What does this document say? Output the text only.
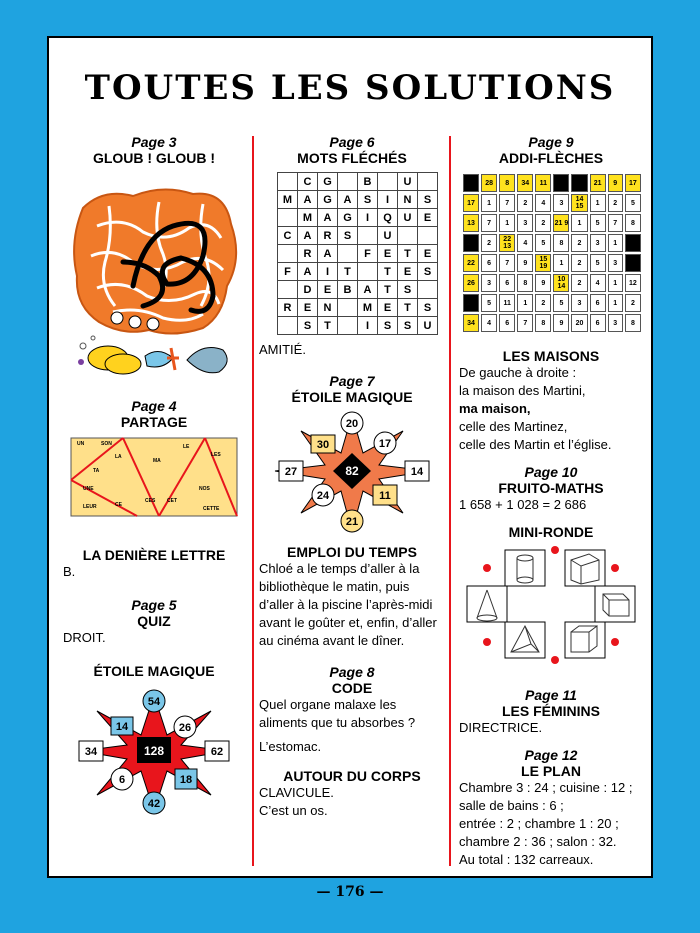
TOUTES LES SOLUTIONS
Page 3
GLOUB ! GLOUB !
Page 4
PARTAGE
UN	SON	LE
LES
LA
MA
TA
UNE	NOS
LEUR	CE
CES CET
CETTE
LA DENIÈRE LETTRE
B.
Page 5
QUIZ
DROIT.
ÉTOILE MAGIQUE
128
54
14	26
34	62
6	18
42
Page 6
MOTS FLÉCHÉS
	C	G		B		U	
M	A	G	A	S	I	N	S
	M	A	G	I	Q	U	E
C	A	R	S		U		
	R	A		F	E	T	E
F	A	I	T		T	E	S
	D	E	B	A	T	S	
R	E	N		M	E	T	S
	S	T		I	S	S	U
AMITIÉ.
Page 7
ÉTOILE MAGIQUE
82
20
30	17
27	14
24	11
21
EMPLOI DU TEMPS
Chloé a le temps d’aller à la bibliothèque le matin, puis d’aller à la piscine l’après-midi avant le goûter et, enfin, d’aller au cinéma avant le dîner.
Page 8
CODE
Quel organe malaxe les aliments que tu absorbes ?
L’estomac.
AUTOUR DU CORPS
CLAVICULE.
C’est un os.
Page 9
ADDI-FLÈCHES
	28	8	34	11			21	9	17
17	1	7	2	4	3	14 15	1	2	5
13	7	1	3	2	21 9	1	5	7	8
	2	22 13	4	5	8	2	3	1	
22	6	7	9	15 19	1	2	5	3	
26	3	6	8	9	10 14	2	4	1	12
	5	11	1	2	5	3	6	1	2
34	4	6	7	8	9	20	6	3	8
LES MAISONS
De gauche à droite :
la maison des Martini,
ma maison,
celle des Martinez,
celle des Martin et l’église.
Page 10
FRUITO-MATHS
1 658 + 1 028 = 2 686
MINI-RONDE
Page 11
LES FÉMININS
DIRECTRICE.
Page 12
LE PLAN
Chambre 3 : 24 ; cuisine : 12 ;
salle de bains : 6 ;
entrée : 2 ; chambre 1 : 20 ;
chambre 2 : 36 ; salon : 32.
Au total : 132 carreaux.
— 176 —
